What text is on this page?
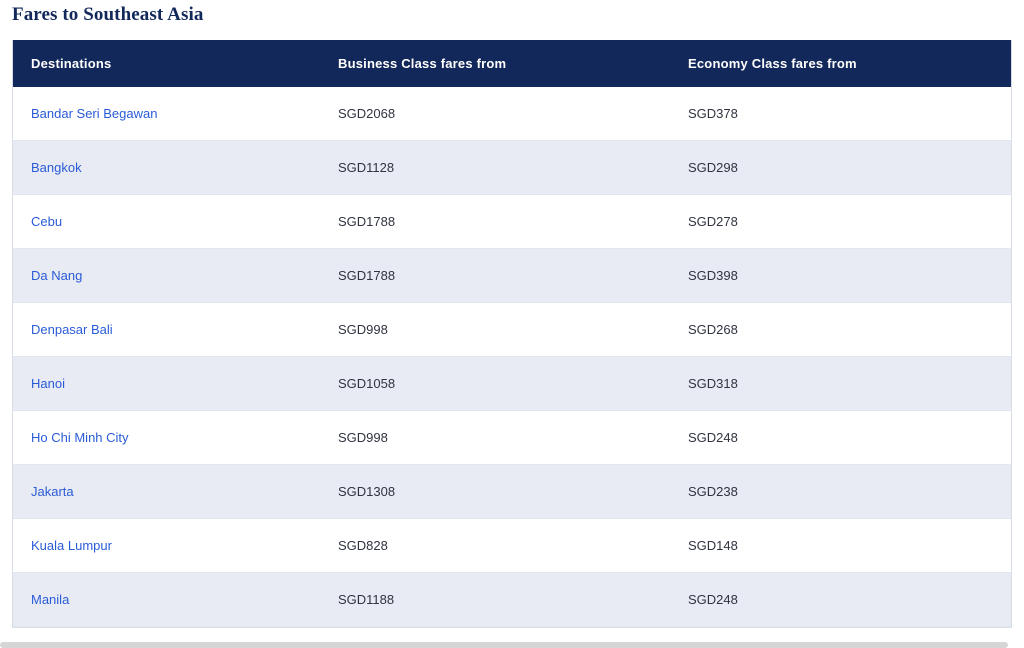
Fares to Southeast Asia
Destinations	Business Class fares from	Economy Class fares from
Bandar Seri Begawan	SGD2068	SGD378
Bangkok	SGD1128	SGD298
Cebu	SGD1788	SGD278
Da Nang	SGD1788	SGD398
Denpasar Bali	SGD998	SGD268
Hanoi	SGD1058	SGD318
Ho Chi Minh City	SGD998	SGD248
Jakarta	SGD1308	SGD238
Kuala Lumpur	SGD828	SGD148
Manila	SGD1188	SGD248
